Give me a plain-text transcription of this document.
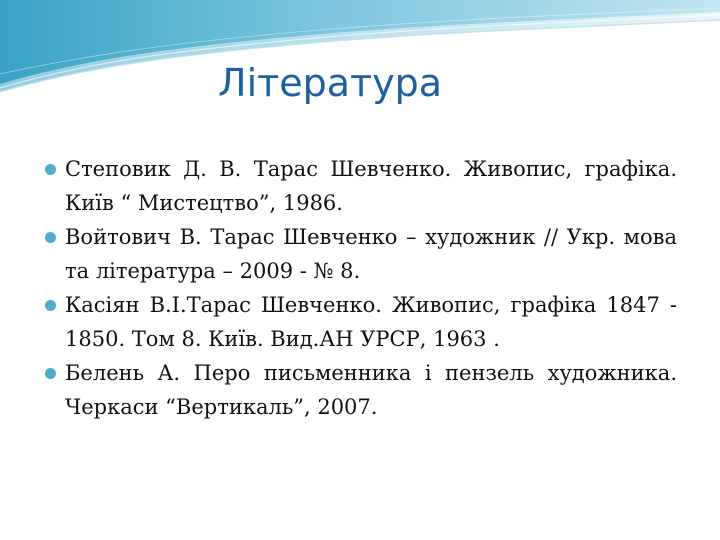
Література
Степовик Д. В. Тарас Шевченко. Живопис, графіка. Київ “ Мистецтво”, 1986.
Войтович В. Тарас Шевченко – художник // Укр. мова та література – 2009 - № 8.
Касіян В.І.Тарас Шевченко. Живопис, графіка 1847 - 1850. Том 8. Київ. Вид.АН УРСР, 1963 .
Белень А. Перо письменника і пензель художника. Черкаси “Вертикаль”, 2007.
